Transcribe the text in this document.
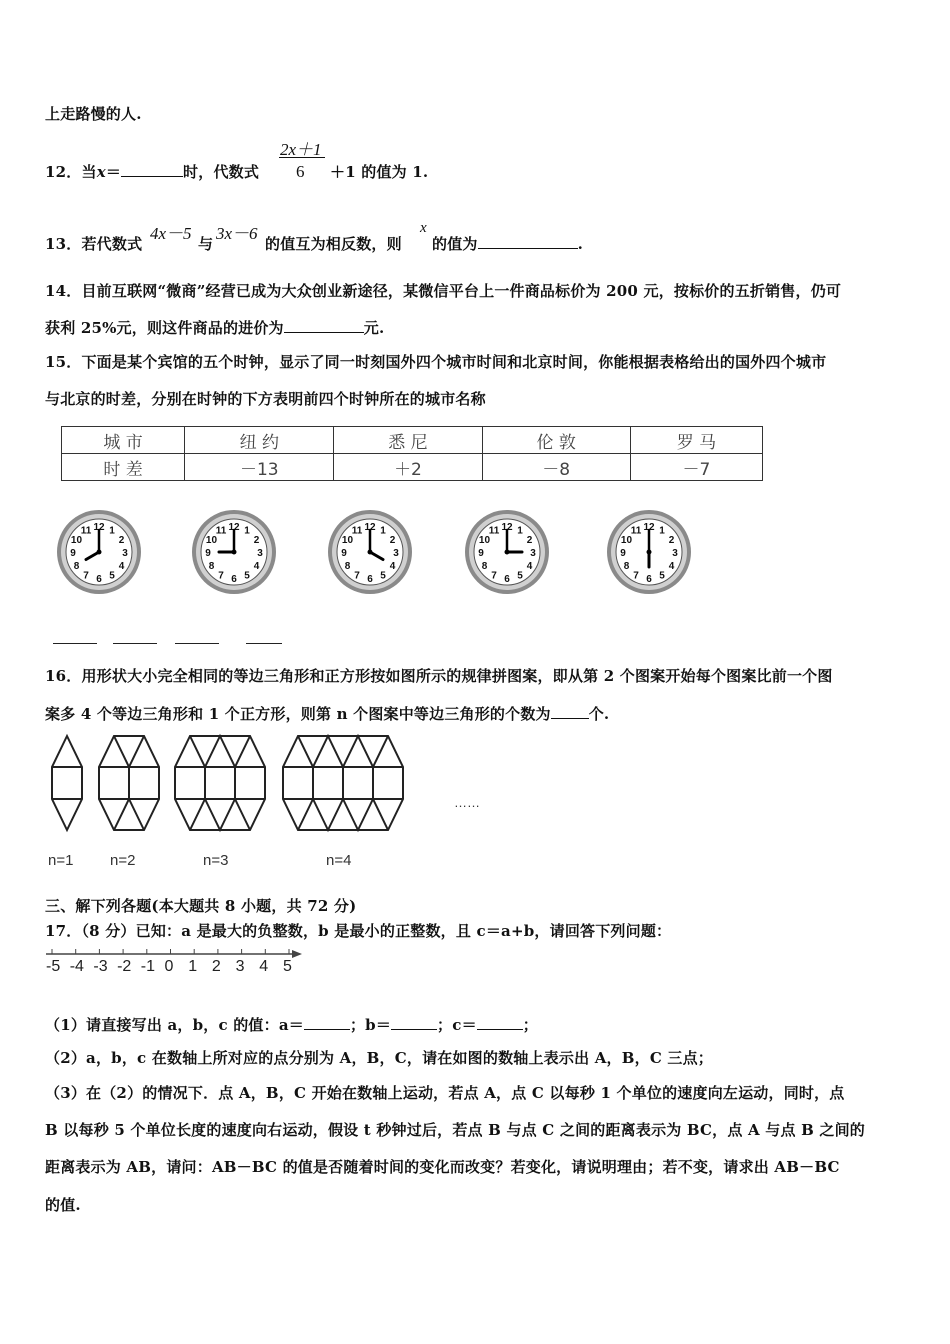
上走路慢的人.
12．当x＝	时，代数式
2x＋1
6 ＋1 的值为 1.
13．若代数式
4x－5
与
3x－6
的值互为相反数，则
x
的值为	.
14．目前互联网“微商”经营已成为大众创业新途径，某微信平台上一件商品标价为 200 元，按标价的五折销售，仍可
获利 25%元，则这件商品的进价为	元.
15．下面是某个宾馆的五个时钟，显示了同一时刻国外四个城市时间和北京时间，你能根据表格给出的国外四个城市
与北京的时差，分别在时钟的下方表明前四个时钟所在的城市名称
城 市	纽 约	悉 尼	伦 敦	罗 马
时 差	－13	＋2	－8	－7
12 1
2
3
4
5
6
7
8
9
10
11	12 1
2
3
4
5
6
7
8
9
10
11	12 1
2
3
4
5
6
7
8
9
10
11	12 1
2
3
4
5
6
7
8
9
10
11	12 1
2
3
4
5
6
7
8
9
10
11
16．用形状大小完全相同的等边三角形和正方形按如图所示的规律拼图案，即从第 2 个图案开始每个图案比前一个图
案多 4 个等边三角形和 1 个正方形，则第 n 个图案中等边三角形的个数为	个.
……
n=1 n=2	n=3	n=4
三、解下列各题(本大题共 8 小题，共 72 分)
17．（8 分）已知：a 是最大的负整数，b 是最小的正整数，且 c＝a+b，请回答下列问题：
-5 -4 -3 -2 -1 0 1 2 3 4 5
（1）请直接写出 a，b，c 的值：a＝	；b＝	；c＝	；
（2）a，b，c 在数轴上所对应的点分别为 A，B，C，请在如图的数轴上表示出 A，B，C 三点；
（3）在（2）的情况下．点 A，B，C 开始在数轴上运动，若点 A，点 C 以每秒 1 个单位的速度向左运动，同时，点
B 以每秒 5 个单位长度的速度向右运动，假设 t 秒钟过后，若点 B 与点 C 之间的距离表示为 BC，点 A 与点 B 之间的
距离表示为 AB，请问：AB－BC 的值是否随着时间的变化而改变？若变化，请说明理由；若不变，请求出 AB－BC
的值.
